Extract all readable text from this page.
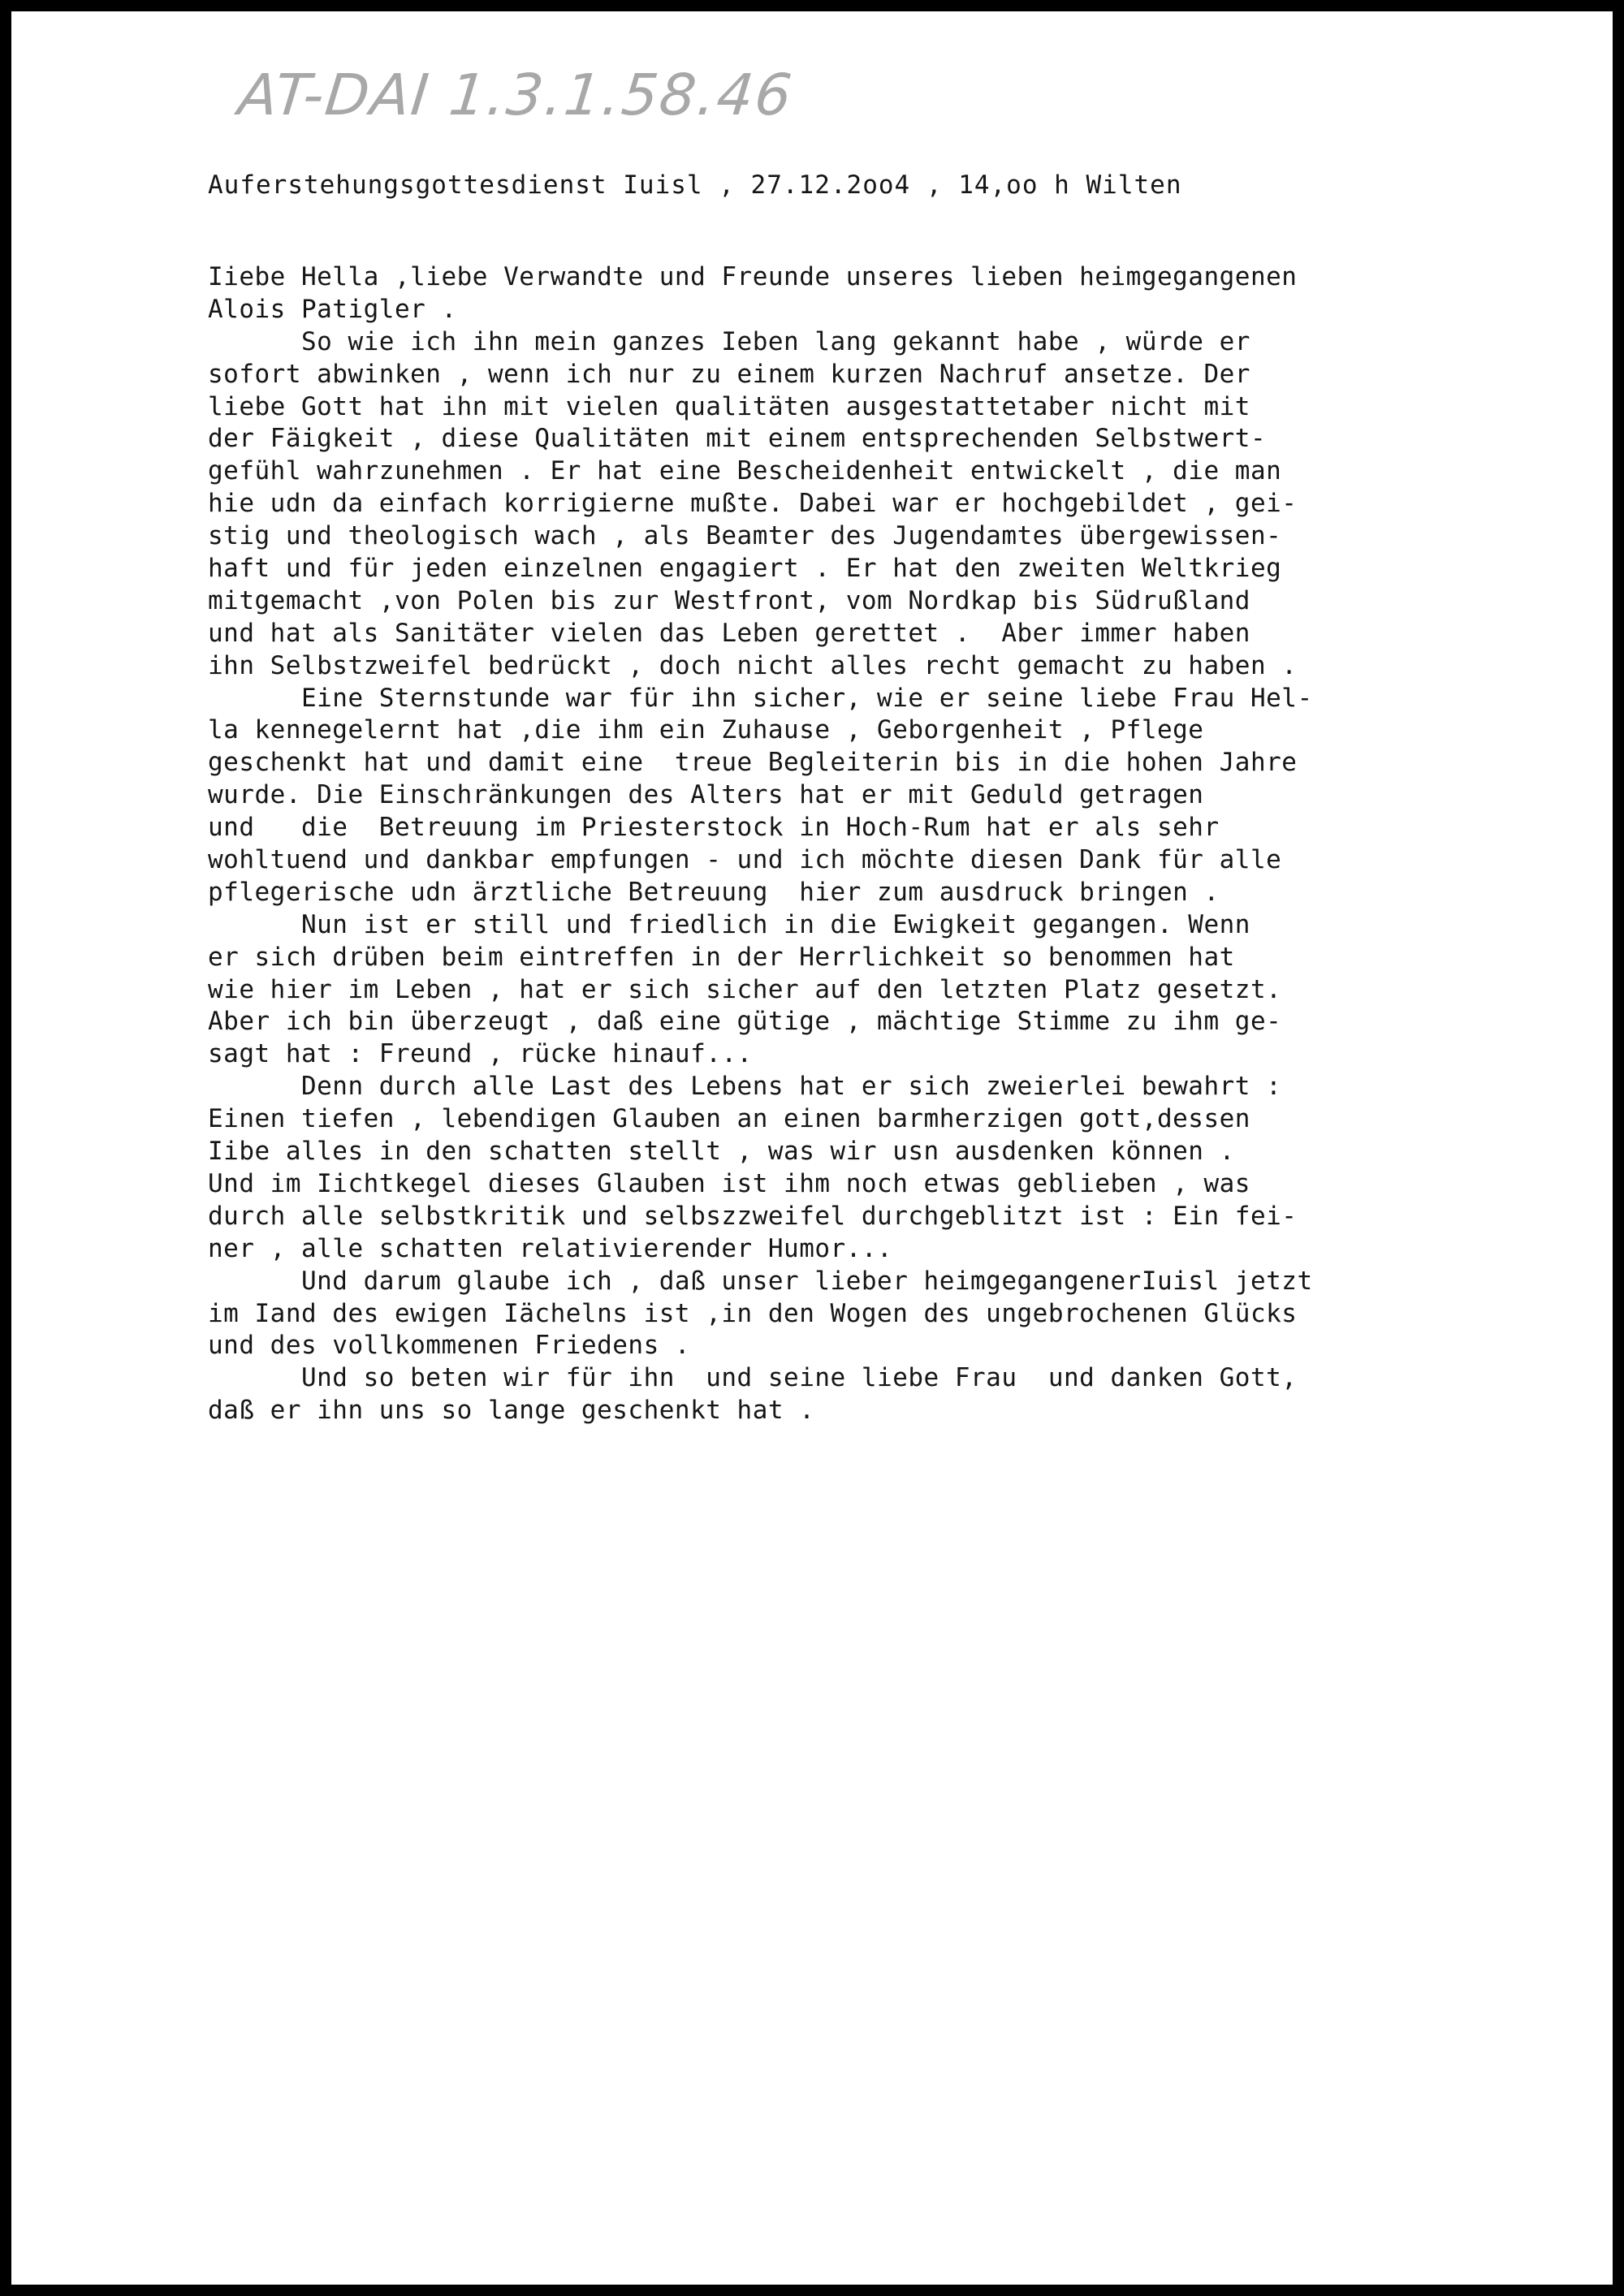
AT-DAI 1.3.1.58.46
Auferstehungsgottesdienst Iuisl , 27.12.2oo4 , 14,oo h Wilten
Iiebe Hella ,liebe Verwandte und Freunde unseres lieben heimgegangenen
Alois Patigler .
So wie ich ihn mein ganzes Ieben lang gekannt habe , würde er
sofort abwinken , wenn ich nur zu einem kurzen Nachruf ansetze. Der
liebe Gott hat ihn mit vielen qualitäten ausgestattetaber nicht mit
der Fäigkeit , diese Qualitäten mit einem entsprechenden Selbstwert-
gefühl wahrzunehmen . Er hat eine Bescheidenheit entwickelt , die man
hie udn da einfach korrigierne mußte. Dabei war er hochgebildet , gei-
stig und theologisch wach , als Beamter des Jugendamtes übergewissen-
haft und für jeden einzelnen engagiert . Er hat den zweiten Weltkrieg
mitgemacht ,von Polen bis zur Westfront, vom Nordkap bis Südrußland
und hat als Sanitäter vielen das Leben gerettet .  Aber immer haben
ihn Selbstzweifel bedrückt , doch nicht alles recht gemacht zu haben .
Eine Sternstunde war für ihn sicher, wie er seine liebe Frau Hel-
la kennegelernt hat ,die ihm ein Zuhause , Geborgenheit , Pflege
geschenkt hat und damit eine  treue Begleiterin bis in die hohen Jahre
wurde. Die Einschränkungen des Alters hat er mit Geduld getragen
und   die  Betreuung im Priesterstock in Hoch-Rum hat er als sehr
wohltuend und dankbar empfungen - und ich möchte diesen Dank für alle
pflegerische udn ärztliche Betreuung  hier zum ausdruck bringen .
Nun ist er still und friedlich in die Ewigkeit gegangen. Wenn
er sich drüben beim eintreffen in der Herrlichkeit so benommen hat
wie hier im Leben , hat er sich sicher auf den letzten Platz gesetzt.
Aber ich bin überzeugt , daß eine gütige , mächtige Stimme zu ihm ge-
sagt hat : Freund , rücke hinauf...
Denn durch alle Last des Lebens hat er sich zweierlei bewahrt :
Einen tiefen , lebendigen Glauben an einen barmherzigen gott,dessen
Iibe alles in den schatten stellt , was wir usn ausdenken können .
Und im Iichtkegel dieses Glauben ist ihm noch etwas geblieben , was
durch alle selbstkritik und selbszzweifel durchgeblitzt ist : Ein fei-
ner , alle schatten relativierender Humor...
Und darum glaube ich , daß unser lieber heimgegangenerIuisl jetzt
im Iand des ewigen Iächelns ist ,in den Wogen des ungebrochenen Glücks
und des vollkommenen Friedens .
Und so beten wir für ihn  und seine liebe Frau  und danken Gott,
daß er ihn uns so lange geschenkt hat .
